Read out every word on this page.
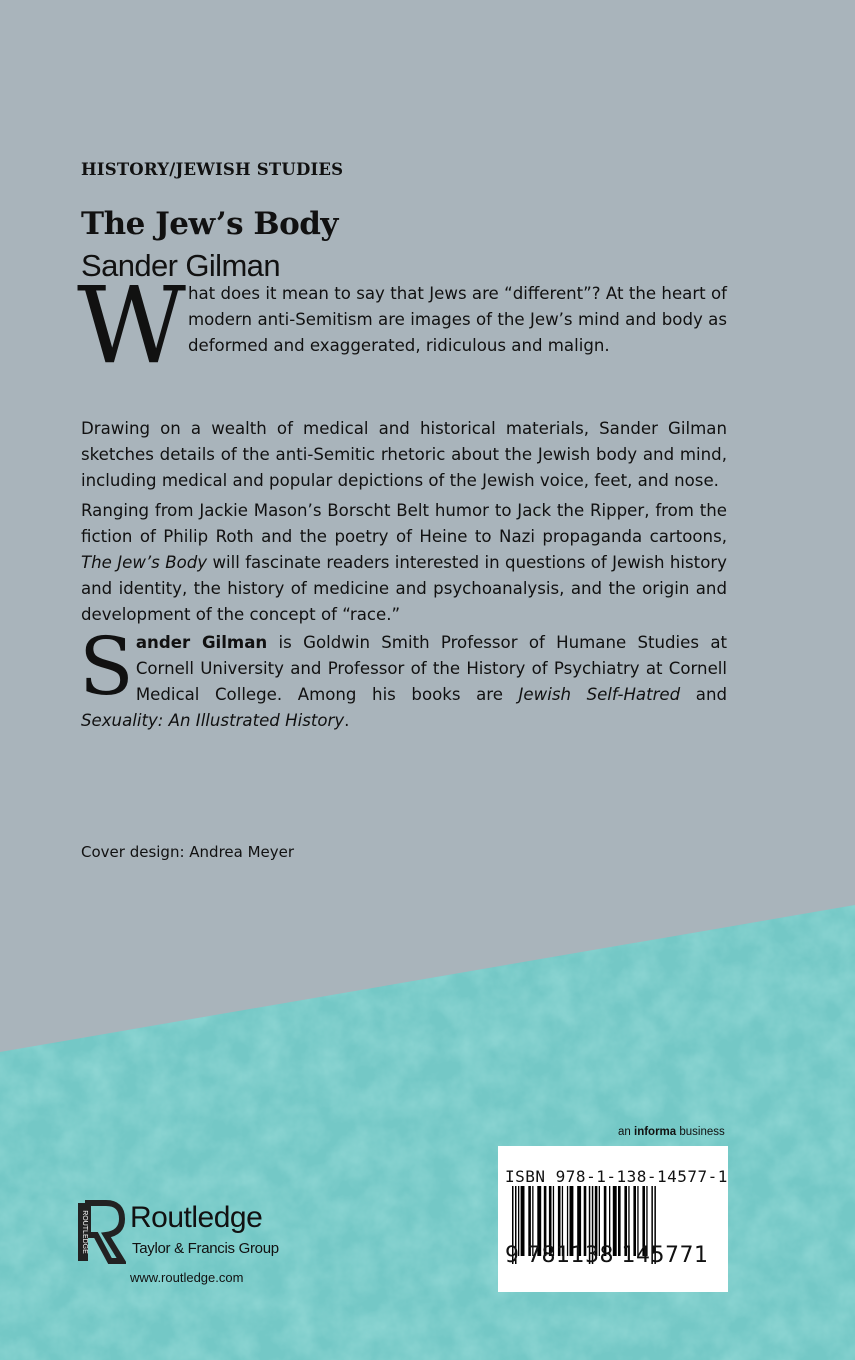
HISTORY/JEWISH STUDIES
The Jew’s Body
Sander Gilman

What does it mean to say that Jews are “different”? At the heart of modern anti-Semitism are images of the Jew’s mind and body as deformed and exaggerated, ridiculous and malign.

Drawing on a wealth of medical and historical materials, Sander Gilman sketches details of the anti-Semitic rhetoric about the Jewish body and mind, including medical and popular depictions of the Jewish voice, feet, and nose.

Ranging from Jackie Mason’s Borscht Belt humor to Jack the Ripper, from the fiction of Philip Roth and the poetry of Heine to Nazi propaganda cartoons, The Jew’s Body will fascinate readers interested in questions of Jewish history and identity, the history of medicine and psychoanalysis, and the origin and development of the concept of “race.”

Sander Gilman is Goldwin Smith Professor of Humane Studies at Cornell University and Professor of the History of Psychiatry at Cornell Medical College. Among his books are Jewish Self-Hatred and Sexuality: An Illustrated History.

Cover design: Andrea Meyer
an informa business
ISBN 978-1-138-14577-1
9 781138 145771
ROUTLEDGE Routledge
Taylor & Francis Group
www.routledge.com
